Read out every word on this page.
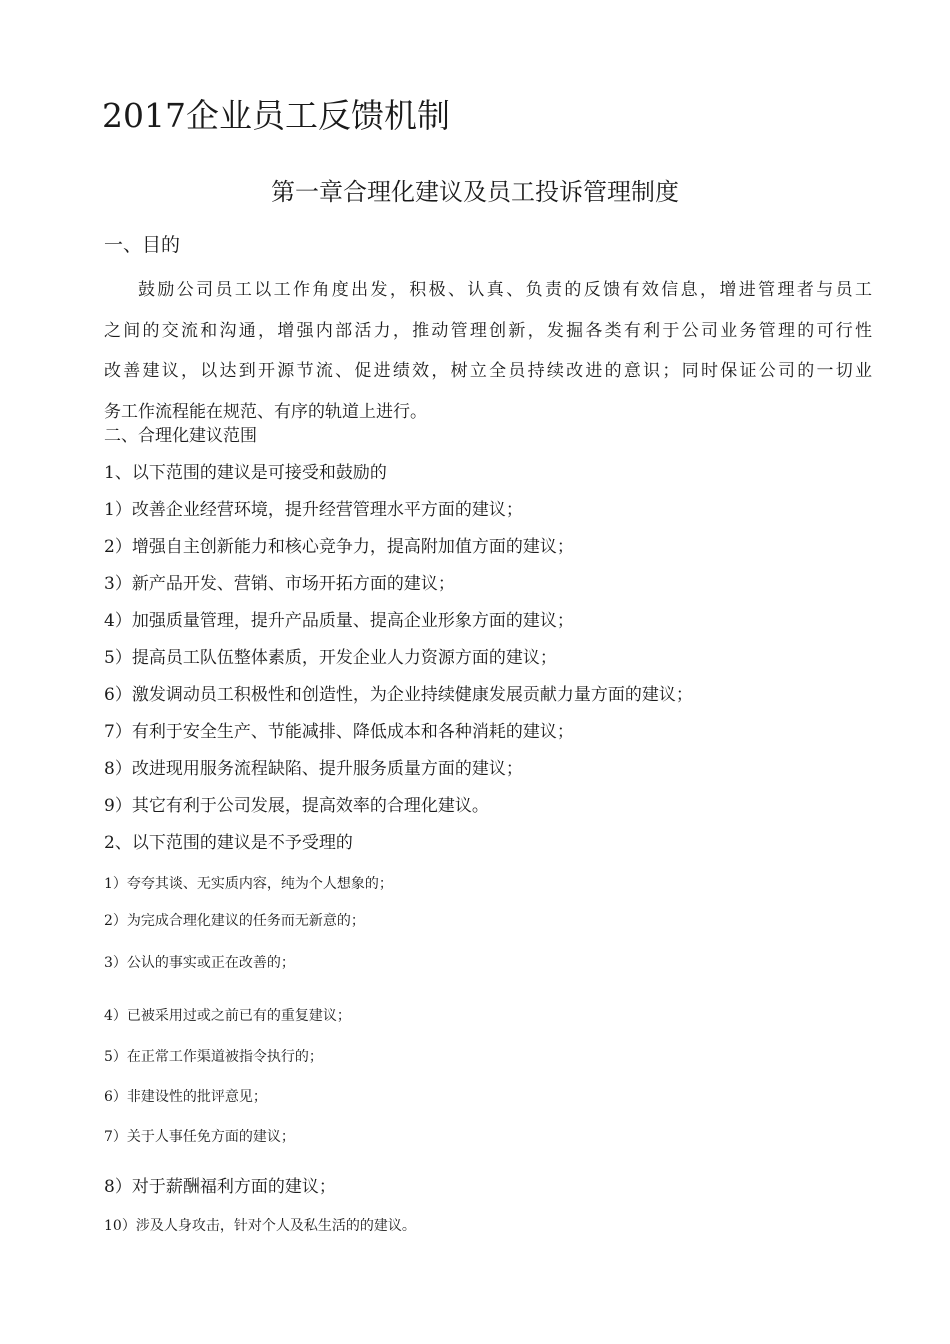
2017企业员工反馈机制
第一章合理化建议及员工投诉管理制度
一、目的
鼓励公司员工以工作角度出发，积极、认真、负责的反馈有效信息，增进管理者与员工
之间的交流和沟通，增强内部活力，推动管理创新，发掘各类有利于公司业务管理的可行性
改善建议，以达到开源节流、促进绩效，树立全员持续改进的意识；同时保证公司的一切业
务工作流程能在规范、有序的轨道上进行。
二、合理化建议范围
1、以下范围的建议是可接受和鼓励的
1）改善企业经营环境，提升经营管理水平方面的建议；
2）增强自主创新能力和核心竞争力，提高附加值方面的建议；
3）新产品开发、营销、市场开拓方面的建议；
4）加强质量管理，提升产品质量、提高企业形象方面的建议；
5）提高员工队伍整体素质，开发企业人力资源方面的建议；
6）激发调动员工积极性和创造性，为企业持续健康发展贡献力量方面的建议；
7）有利于安全生产、节能减排、降低成本和各种消耗的建议；
8）改进现用服务流程缺陷、提升服务质量方面的建议；
9）其它有利于公司发展，提高效率的合理化建议。
2、以下范围的建议是不予受理的
1）夸夸其谈、无实质内容，纯为个人想象的；
2）为完成合理化建议的任务而无新意的；
3）公认的事实或正在改善的；
4）已被采用过或之前已有的重复建议；
5）在正常工作渠道被指令执行的；
6）非建设性的批评意见；
7）关于人事任免方面的建议；
8）对于薪酬福利方面的建议；
10）涉及人身攻击，针对个人及私生活的的建议。
